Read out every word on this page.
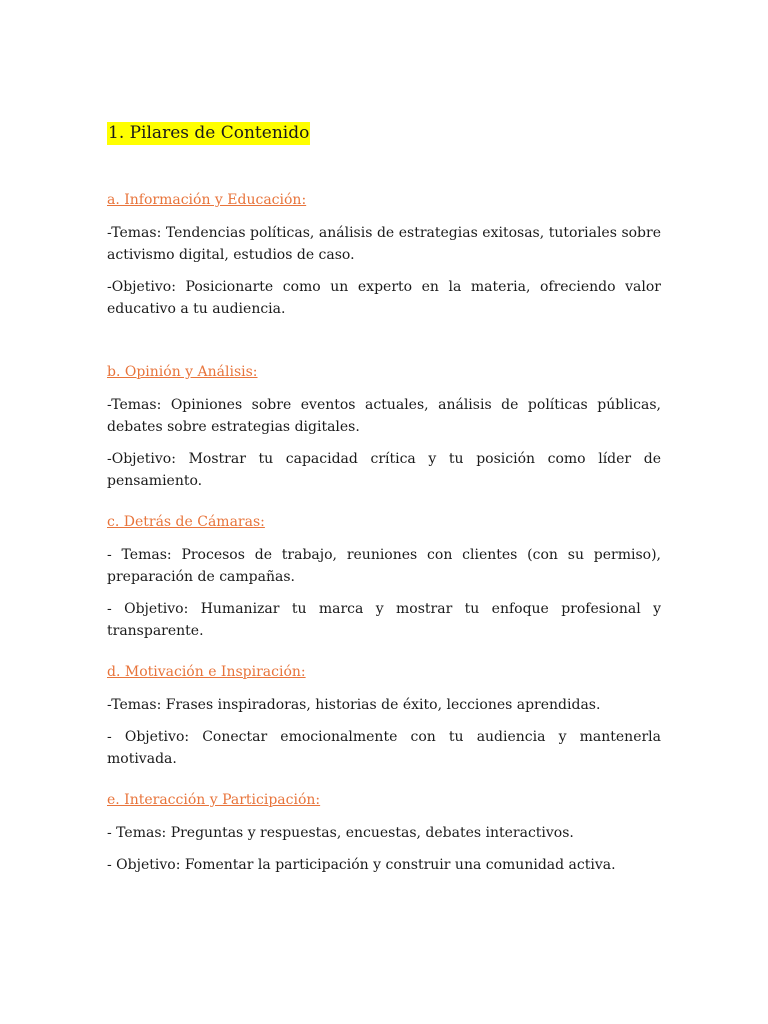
1. Pilares de Contenido
a. Información y Educación:

-Temas: Tendencias políticas, análisis de estrategias exitosas, tutoriales sobre activismo digital, estudios de caso.

-Objetivo: Posicionarte como un experto en la materia, ofreciendo valor educativo a tu audiencia.

b. Opinión y Análisis:

-Temas: Opiniones sobre eventos actuales, análisis de políticas públicas, debates sobre estrategias digitales.

-Objetivo: Mostrar tu capacidad crítica y tu posición como líder de pensamiento.

c. Detrás de Cámaras:

- Temas: Procesos de trabajo, reuniones con clientes (con su permiso), preparación de campañas.

- Objetivo: Humanizar tu marca y mostrar tu enfoque profesional y transparente.

d. Motivación e Inspiración:

-Temas: Frases inspiradoras, historias de éxito, lecciones aprendidas.

- Objetivo: Conectar emocionalmente con tu audiencia y mantenerla motivada.

e. Interacción y Participación:

- Temas: Preguntas y respuestas, encuestas, debates interactivos.

- Objetivo: Fomentar la participación y construir una comunidad activa.
